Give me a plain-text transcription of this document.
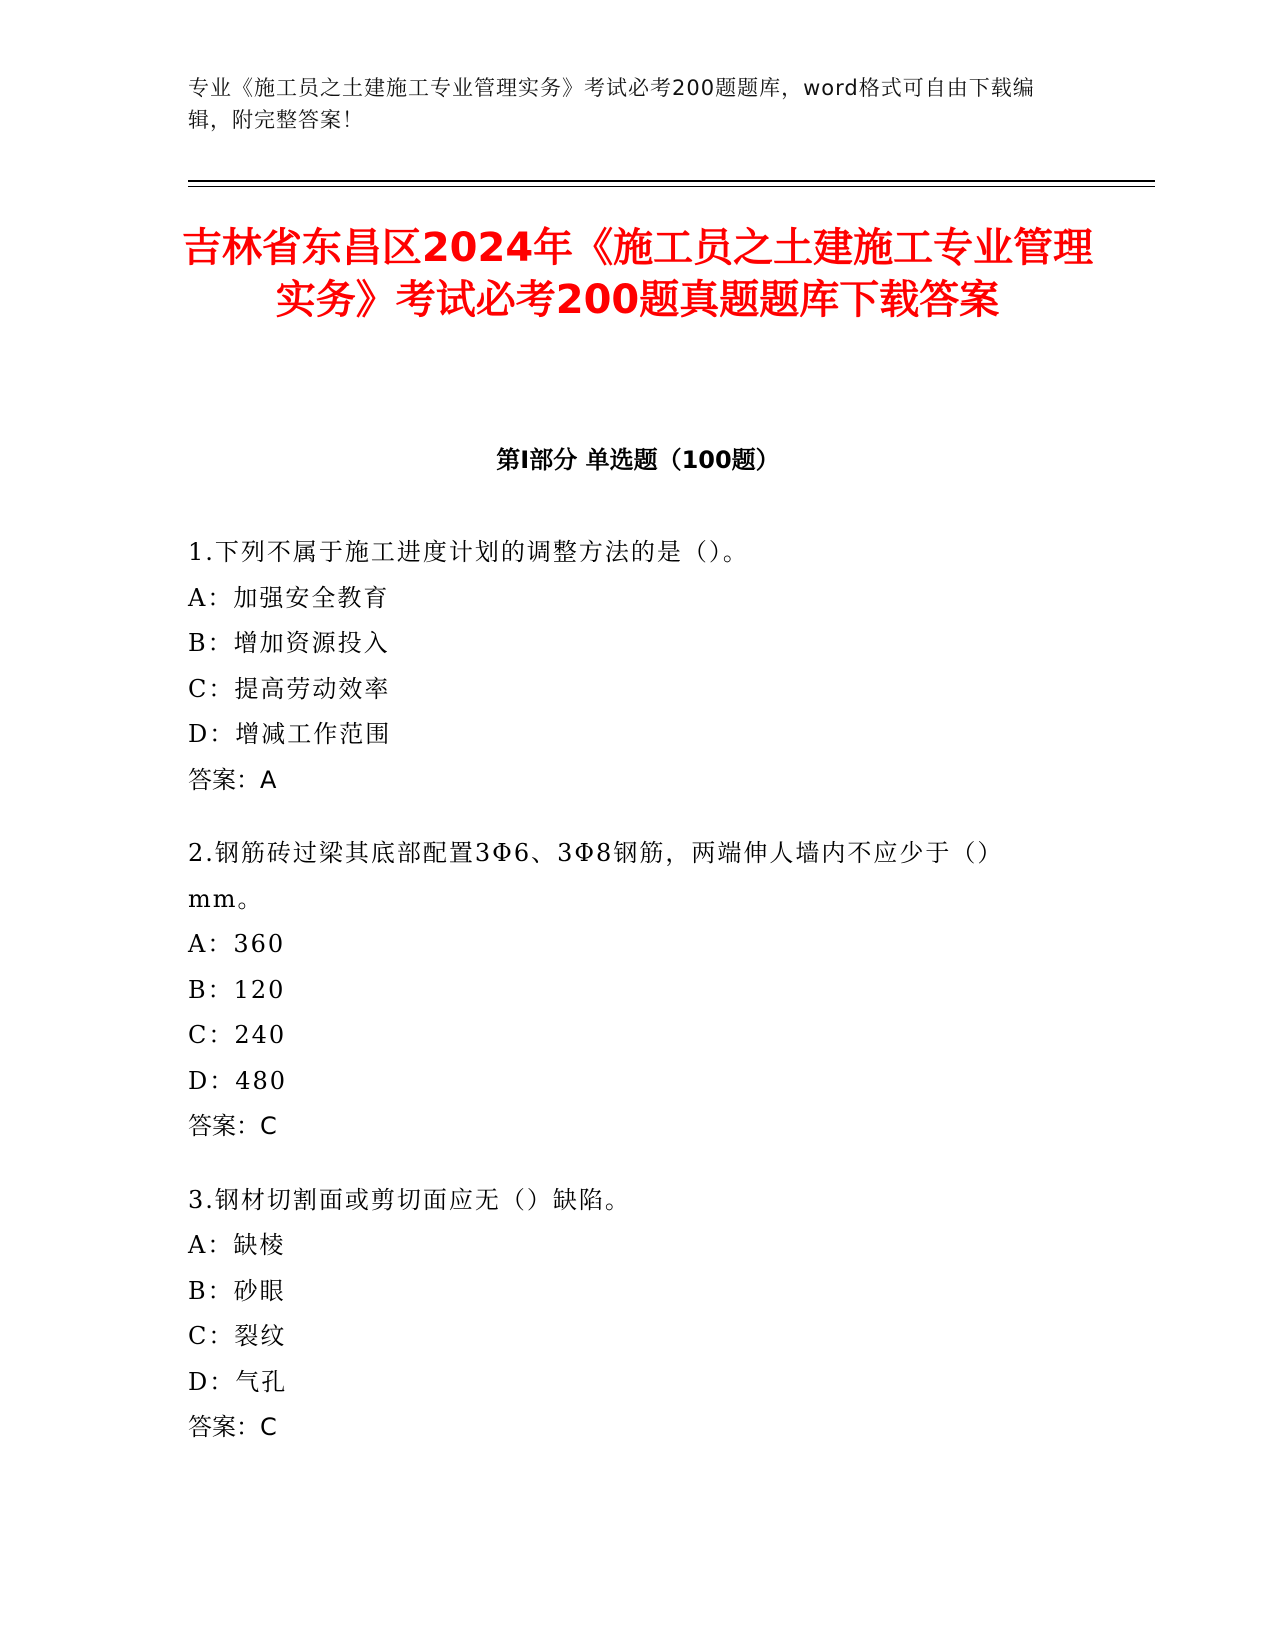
专业《施工员之土建施工专业管理实务》考试必考200题题库，word格式可自由下载编辑，附完整答案！
吉林省东昌区2024年《施工员之土建施工专业管理实务》考试必考200题真题题库下载答案
第I部分 单选题（100题）
1.下列不属于施工进度计划的调整方法的是（）。
A：加强安全教育
B：增加资源投入
C：提高劳动效率
D：增减工作范围
答案：A
2.钢筋砖过梁其底部配置3Φ6、3Φ8钢筋，两端伸人墙内不应少于（）mm。
A：360
B：120
C：240
D：480
答案：C
3.钢材切割面或剪切面应无（）缺陷。
A：缺棱
B：砂眼
C：裂纹
D：气孔
答案：C
